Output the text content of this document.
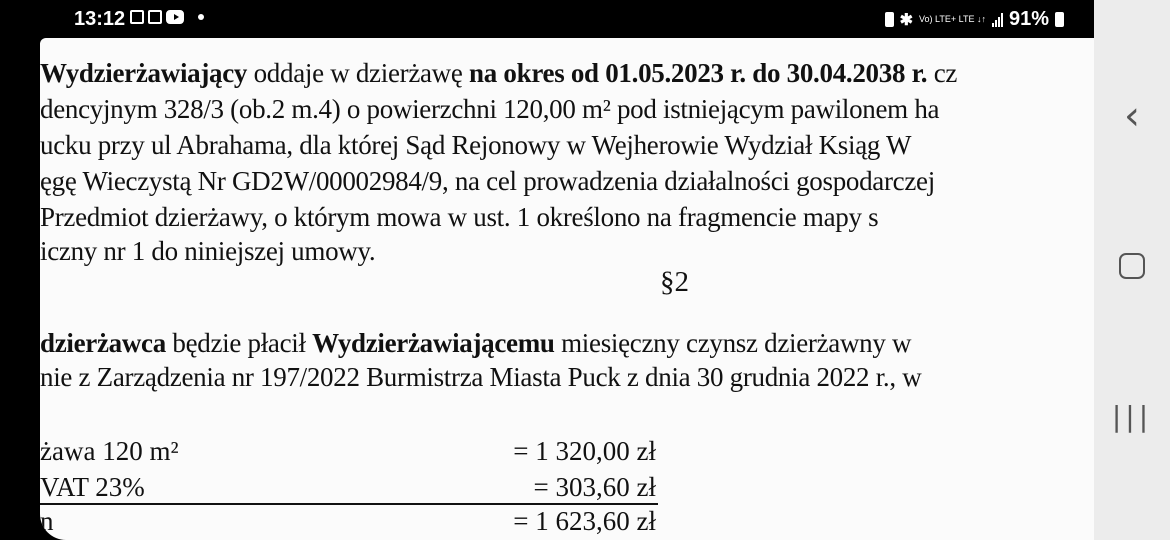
13:12	✱ Vo) LTE+ LTE ↓↑ 91%
Wydzierżawiający oddaje w dzierżawę na okres od 01.05.2023 r. do 30.04.2038 r. cz
dencyjnym 328/3 (ob.2 m.4) o powierzchni 120,00 m² pod istniejącym pawilonem ha
ucku przy ul Abrahama, dla której Sąd Rejonowy w Wejherowie Wydział Ksiąg W
ęgę Wieczystą Nr GD2W/00002984/9, na cel prowadzenia działalności gospodarczej
Przedmiot dzierżawy, o którym mowa w ust. 1 określono na fragmencie mapy s
iczny nr 1 do niniejszej umowy.
§2
dzierżawca będzie płacił Wydzierżawiającemu miesięczny czynsz dzierżawny w
nie z Zarządzenia nr 197/2022 Burmistrza Miasta Puck z dnia 30 grudnia 2022 r., w
żawa 120 m²	= 1 320,00 zł
VAT 23%	= 303,60 zł
n	= 1 623,60 zł
‹
|||
